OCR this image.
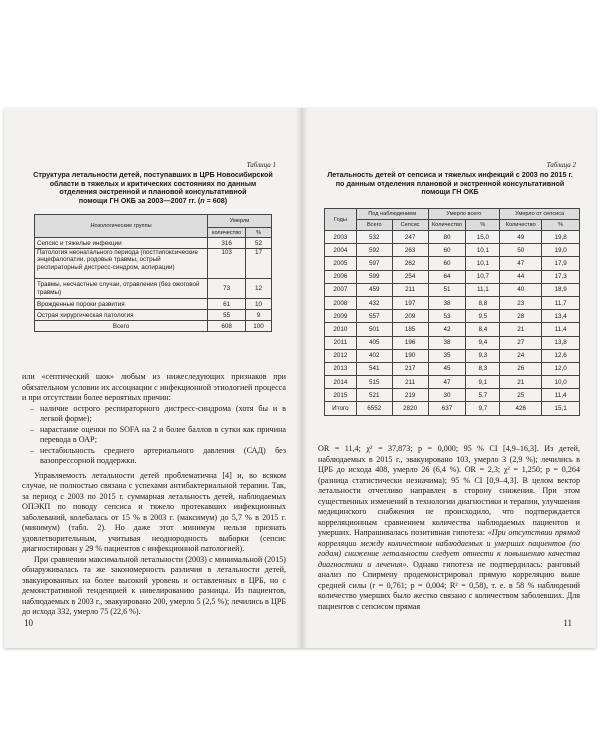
Таблица 1
Структура летальности детей, поступавших в ЦРБ Новосибирской
области в тяжелых и критических состояниях по данным
отделения экстренной и плановой консультативной
помощи ГН ОКБ за 2003—2007 гг. (n = 608)
Нозологические группы	Умерли	
	количество	%
Сепсис и тяжелые инфекции	316	52
Патология неонатального периода (посттипоксические энцефалопатии, родовые травмы, острый респираторный дистресс-синдром, аспирации)	103	17
Травмы, несчастные случаи, отравления (без ожоговой травмы)	73	12
Врожденные пороки развития	61	10
Острая хирургическая патология	55	9
Всего	608	100

или «септический шок» любым из нижеследующих признаков при обязательном условии их ассоциации с инфекционной этиологией процесса и при отсутствии более вероятных причин:

– наличие острого респираторного дистресс-синдрома (хотя бы и в легкой форме);
– нарастание оценки по SOFA на 2 и более баллов в сутки как причина перевода в ОАР;
– нестабильность среднего артериального давления (САД) без вазопрессорной поддержки.

Управляемость летальности детей проблематична [4] и, во всяком случае, не полностью связана с успехами антибактериальной терапии. Так, за период с 2003 по 2015 г. суммарная летальность детей, наблюдаемых ОПЭКП по поводу сепсиса и тяжело протекавших инфекционных заболеваний, колебалась от 15 % в 2003 г. (максимум) до 5,7 % в 2015 г. (минимум) (табл. 2). Но даже этот минимум нельзя признать удовлетворительным, учитывая неоднородность выборки (сепсис диагностирован у 29 % пациентов с инфекционной патологией).

При сравнении максимальной летальности (2003) с минимальной (2015) обнаруживалась та же закономерность различия в летальности детей, эвакуированных на более высокий уровень и оставленных в ЦРБ, но с демонстративной тенденцией к нивелированию разницы. Из пациентов, наблюдаемых в 2003 г., эвакуировано 200, умерло 5 (2,5 %); лечились в ЦРБ до исхода 332, умерло 75 (22,6 %).

10
Таблица 2
Летальность детей от сепсиса и тяжелых инфекций с 2003 по 2015 г.
по данным отделения плановой и экстренной консультативной
помощи ГН ОКБ
Годы	Под наблюдением		Умерло всего		Умерло от сепсиса	
	Всего	Сепсис	Количество	%	Количество	%
2003	532	247	80	15,0	49	19,8
2004	592	263	60	10,1	50	19,0
2005	597	262	60	10,1	47	17,9
2006	599	254	64	10,7	44	17,3
2007	459	211	51	11,1	40	18,9
2008	432	197	38	8,8	23	11,7
2009	557	209	53	9,5	28	13,4
2010	501	185	42	8,4	21	11,4
2011	405	196	38	9,4	27	13,8
2012	402	190	35	9,3	24	12,6
2013	541	217	45	8,3	26	12,0
2014	515	211	47	9,1	21	10,0
2015	521	219	30	5,7	25	11,4
Итого	6552	2820	637	9,7	426	15,1

OR = 11,4; χ² = 37,873; p = 0,000; 95 % CI [4,9–16,3]. Из детей, наблюдаемых в 2015 г., эвакуировано 103, умерло 3 (2,9 %); лечились в ЦРБ до исхода 408, умерло 26 (6,4 %). OR = 2,3; χ² = 1,250; p = 0,264 (разница статистически незначима); 95 % CI [0,9–4,3]. В целом вектор летальности отчетливо направлен в сторону снижения. При этом существенных изменений в технологии диагностики и терапии, улучшения медицинского снабжения не происходило, что подтверждается корреляционным сравнением количества наблюдаемых пациентов и умерших. Напрашивалась позитивная гипотеза: «При отсутствии прямой корреляции между количеством наблюдаемых и умерших пациентов (по годам) снижение летальности следует отнести к повышению качества диагностики и лечения». Однако гипотеза не подтвердилась: ранговый анализ по Спирмену продемонстрировал прямую корреляцию выше средней силы (r = 0,761; p = 0,004; R² = 0,58), т. е. в 58 % наблюдений количество умерших было жестко связано с количеством заболевших. Для пациентов с сепсисом прямая

11
